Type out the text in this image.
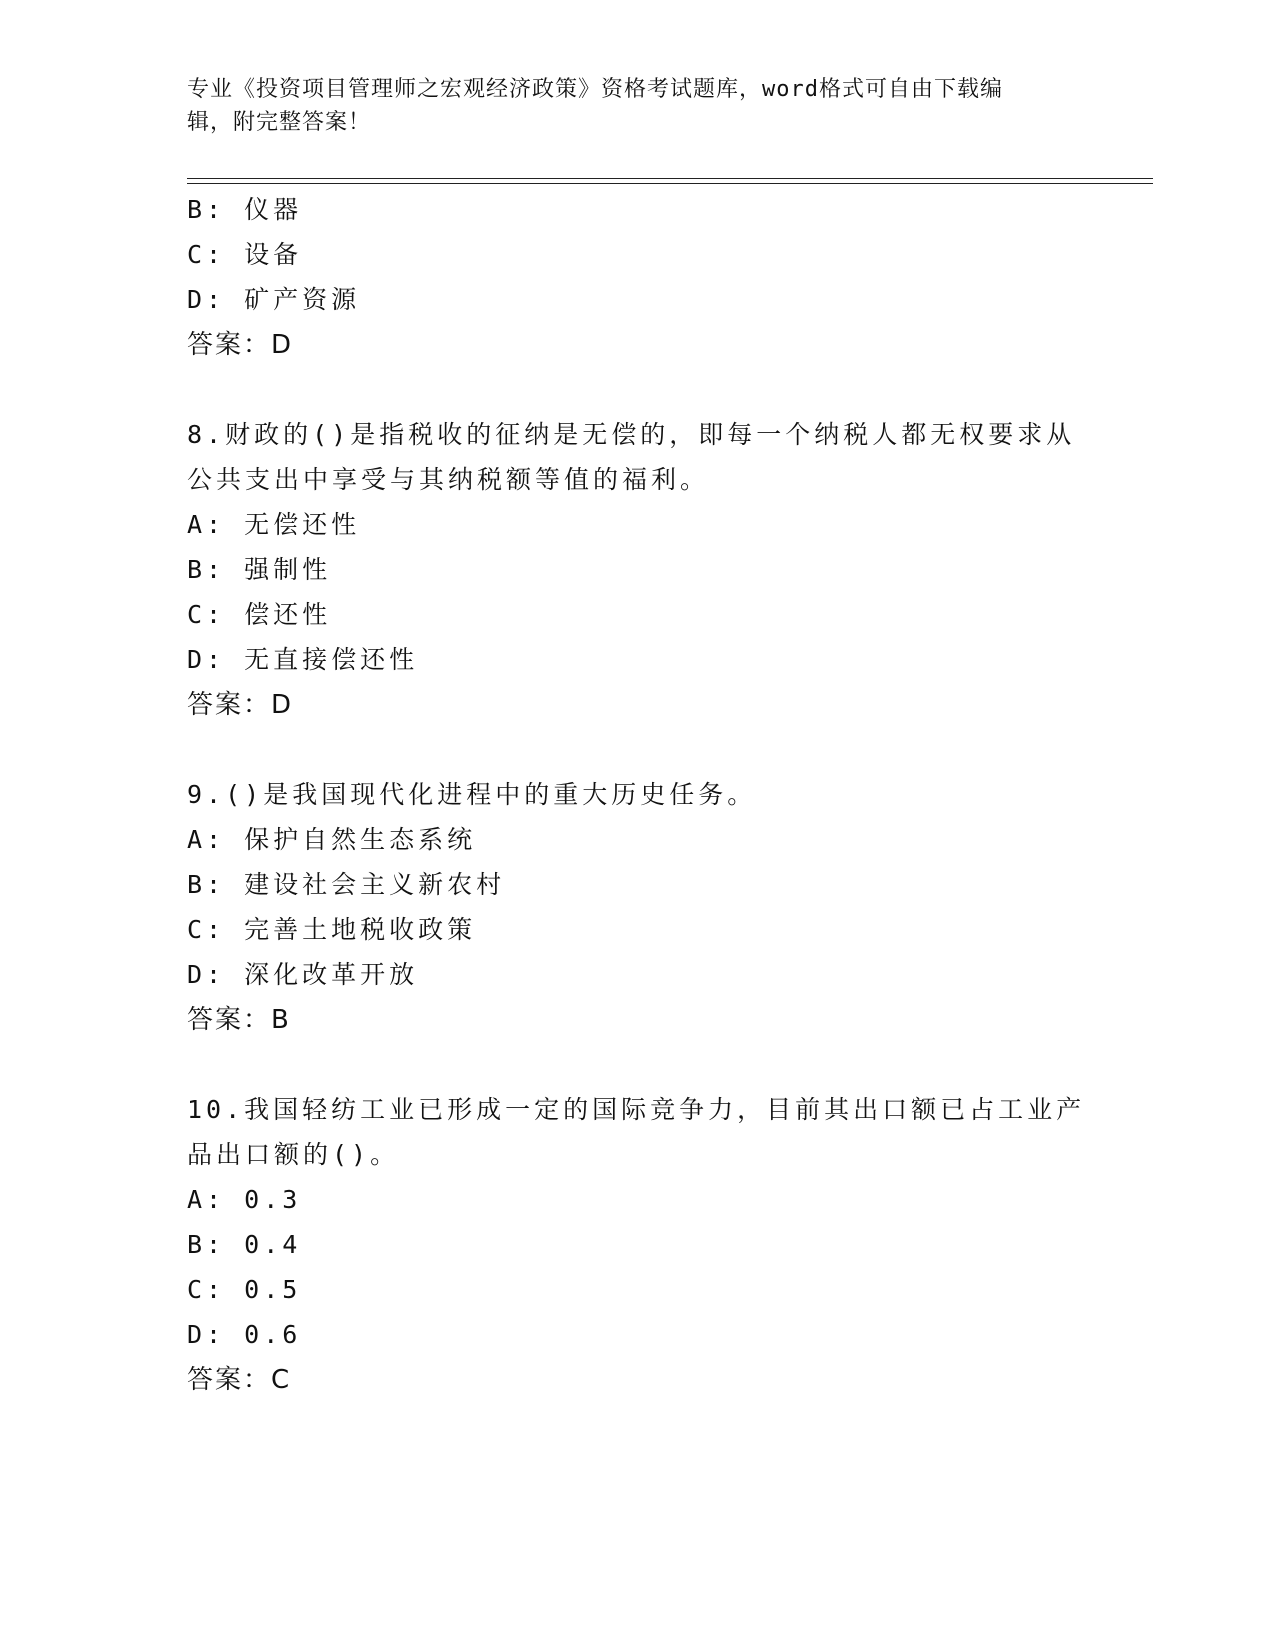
专业《投资项目管理师之宏观经济政策》资格考试题库，word格式可自由下载编
辑，附完整答案！
B: 仪器
C: 设备
D: 矿产资源
答案：D
8.财政的()是指税收的征纳是无偿的，即每一个纳税人都无权要求从
公共支出中享受与其纳税额等值的福利。
A: 无偿还性
B: 强制性
C: 偿还性
D: 无直接偿还性
答案：D
9.()是我国现代化进程中的重大历史任务。
A: 保护自然生态系统
B: 建设社会主义新农村
C: 完善土地税收政策
D: 深化改革开放
答案：B
10.我国轻纺工业已形成一定的国际竞争力，目前其出口额已占工业产
品出口额的()。
A: 0.3
B: 0.4
C: 0.5
D: 0.6
答案：C
